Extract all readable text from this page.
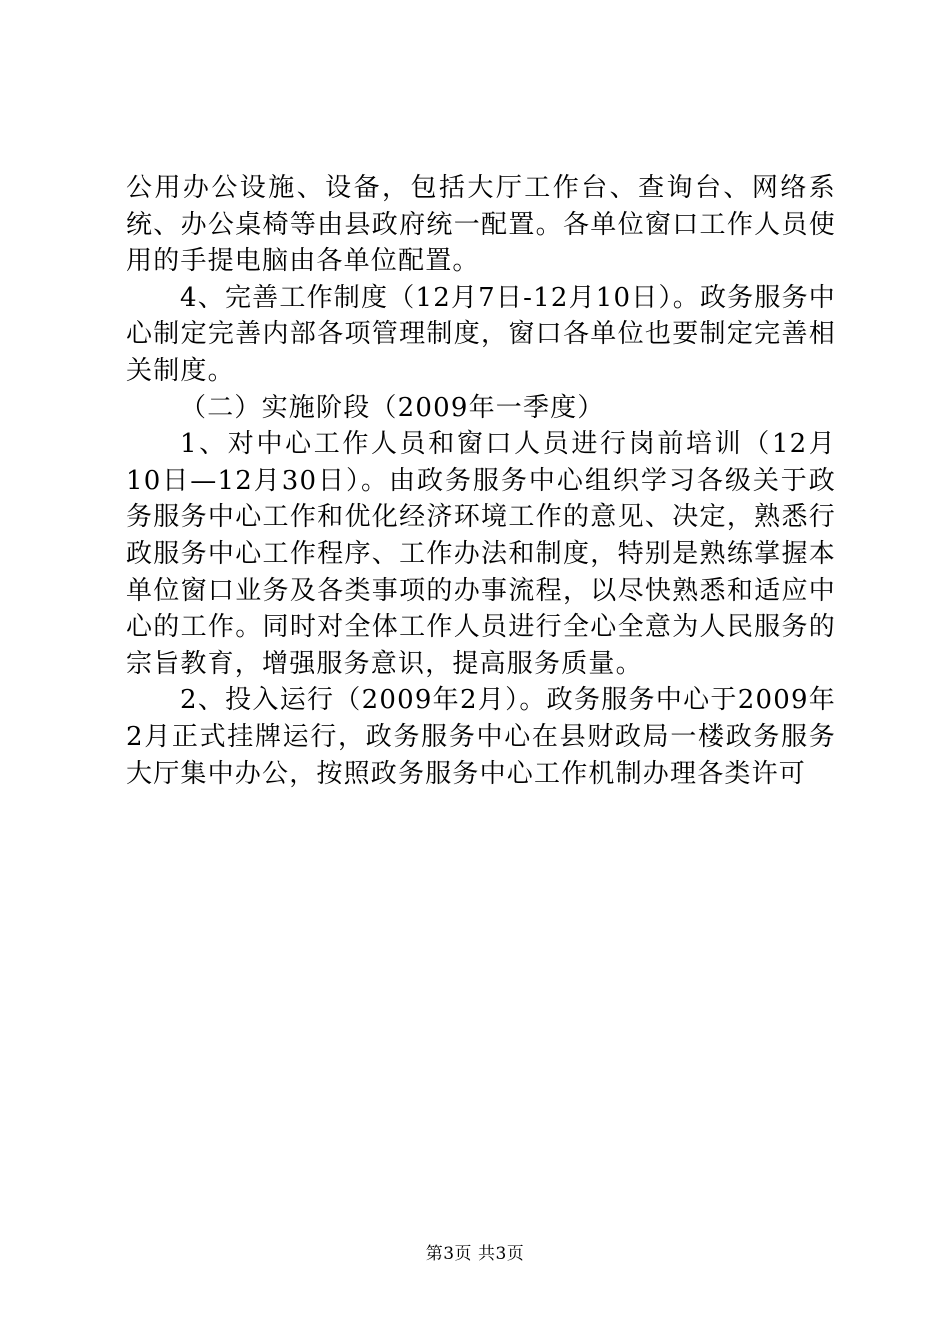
公用办公设施、设备，包括大厅工作台、查询台、网络系统、办公桌椅等由县政府统一配置。各单位窗口工作人员使用的手提电脑由各单位配置。

4、完善工作制度（12月7日-12月10日）。政务服务中心制定完善内部各项管理制度，窗口各单位也要制定完善相关制度。

（二）实施阶段（2009年一季度）

1、对中心工作人员和窗口人员进行岗前培训（12月10日—12月30日）。由政务服务中心组织学习各级关于政务服务中心工作和优化经济环境工作的意见、决定，熟悉行政服务中心工作程序、工作办法和制度，特别是熟练掌握本单位窗口业务及各类事项的办事流程，以尽快熟悉和适应中心的工作。同时对全体工作人员进行全心全意为人民服务的宗旨教育，增强服务意识，提高服务质量。

2、投入运行（2009年2月）。政务服务中心于2009年2月正式挂牌运行，政务服务中心在县财政局一楼政务服务大厅集中办公，按照政务服务中心工作机制办理各类许可

第3页 共3页
